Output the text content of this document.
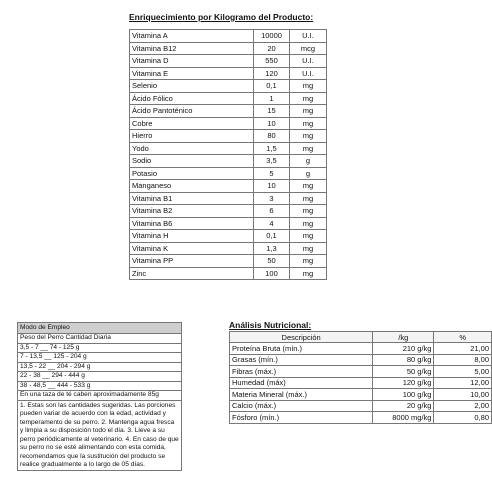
Enriquecimiento por Kilogramo del Producto:
Vitamina A	10000	U.I.
Vitamina B12	20	mcg
Vitamina D	550	U.I.
Vitamina E	120	U.I.
Selenio	0,1	mg
Ácido Fólico	1	mg
Ácido Pantoténico	15	mg
Cobre	10	mg
Hierro	80	mg
Yodo	1,5	mg
Sodio	3,5	g
Potasio	5	g
Manganeso	10	mg
Vitamina B1	3	mg
Vitamina B2	6	mg
Vitamina B6	4	mg
Vitamina H	0,1	mg
Vitamina K	1,3	mg
Vitamina PP	50	mg
Zinc	100	mg
Modo de Empleo
Peso del Perro Cantidad Diaria
3,5 - 7 __ 74 - 125 g
7 - 13,5 __ 125 - 204 g
13,5 - 22 __ 204 - 294 g
22 - 38 __ 294 - 444 g
38 - 48,5 __ 444 - 533 g
En una taza de té caben aproximadamente 85g
1. Estas son las cantidades sugeridas. Las porciones pueden variar de acuerdo con la edad, actividad y temperamento de su perro. 2. Mantenga agua fresca y limpia a su disposición todo el día. 3. Lleve a su perro periódicamente al veterinario. 4. En caso de que su perro no se esté alimentando con esta comida, recomendamos que la sustitución del producto se realice gradualmente a lo largo de 05 días.
Análisis Nutricional:
Descripción	/kg	%
Proteína Bruta (mín.)	210 g/kg	21,00
Grasas (mín.)	80 g/kg	8,00
Fibras (máx.)	50 g/kg	5,00
Humedad (máx)	120 g/kg	12,00
Materia Mineral (máx.)	100 g/kg	10,00
Calcio (máx.)	20 g/kg	2,00
Fósforo (mín.)	8000 mg/kg	0,80
